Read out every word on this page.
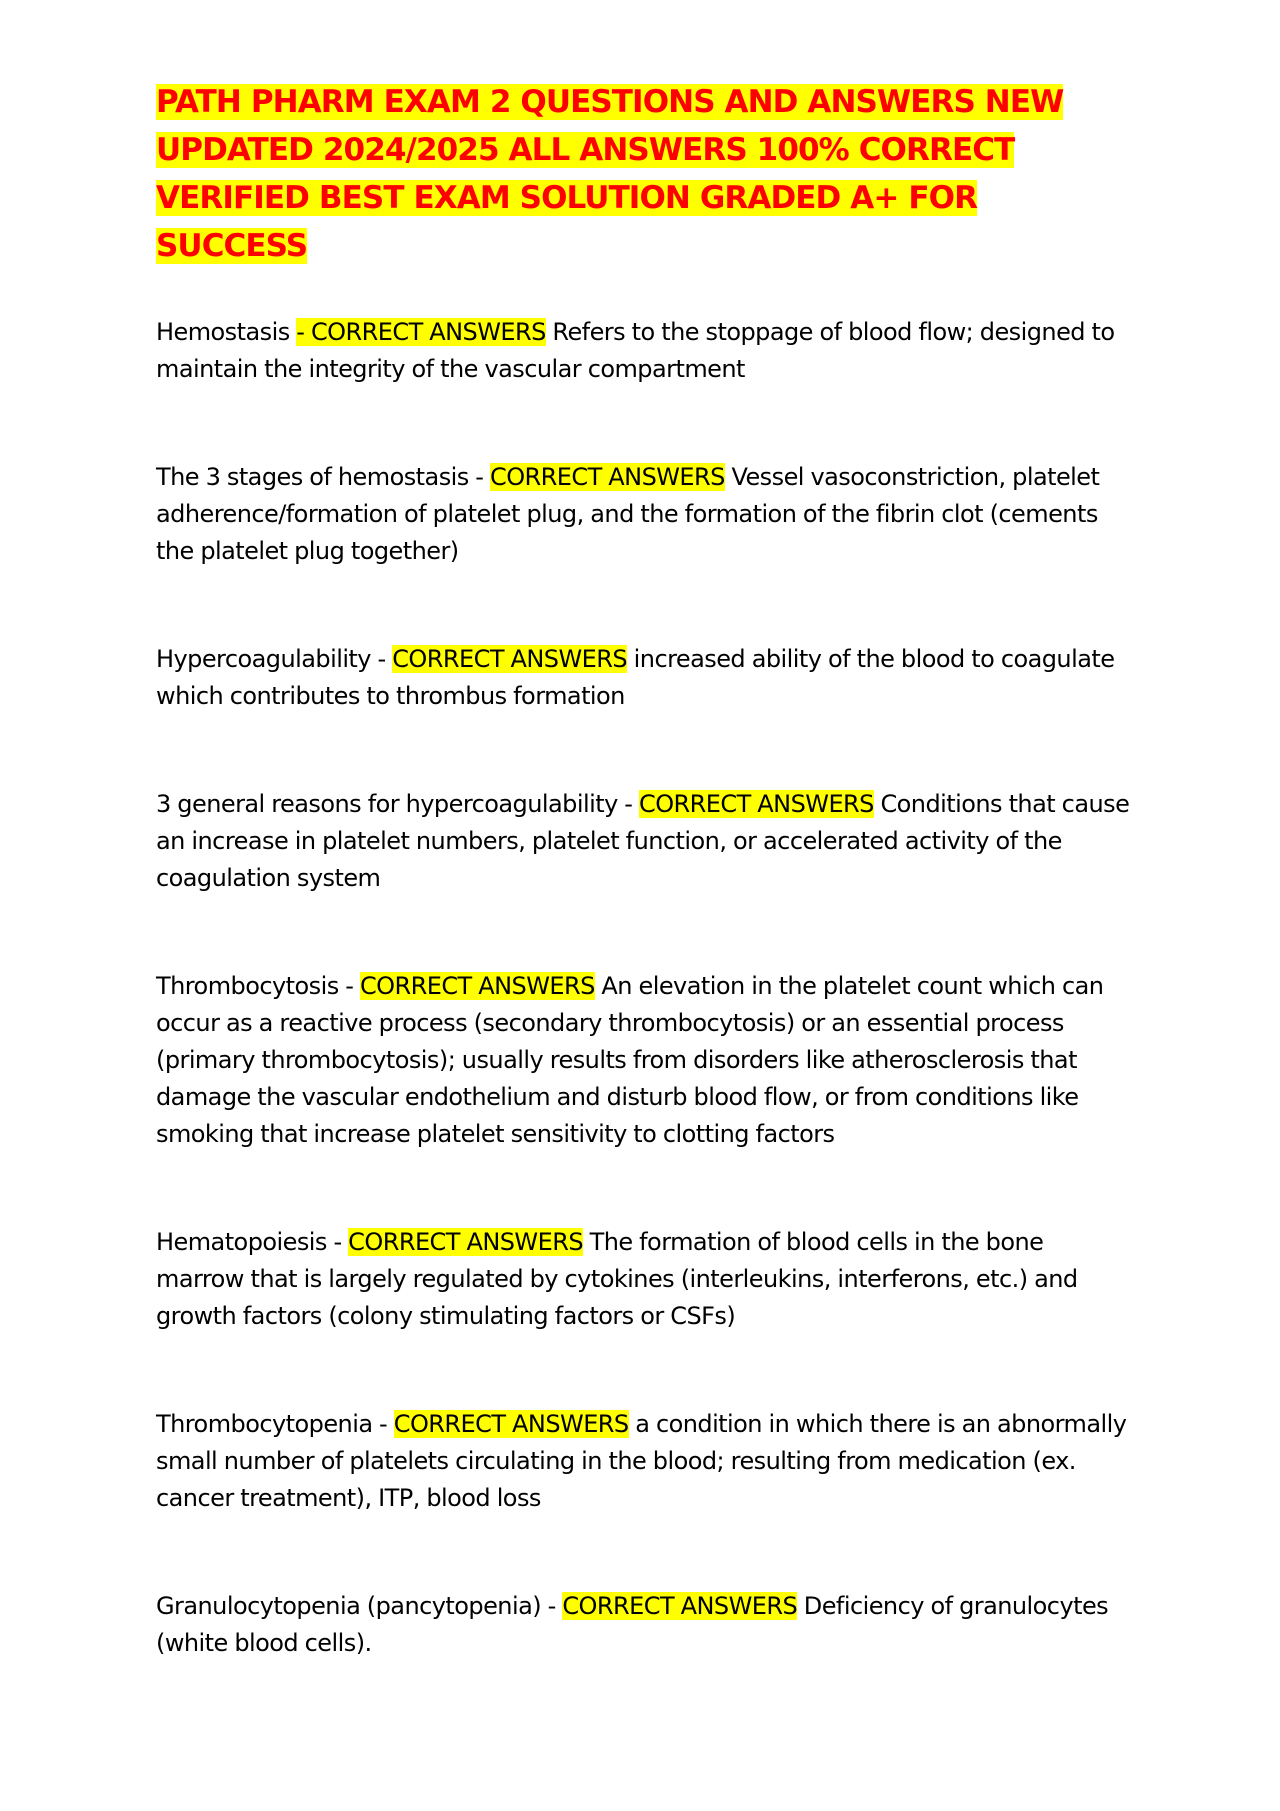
PATH PHARM EXAM 2 QUESTIONS AND ANSWERS NEW UPDATED 2024/2025 ALL ANSWERS 100% CORRECT VERIFIED BEST EXAM SOLUTION GRADED A+ FOR SUCCESS

Hemostasis - CORRECT ANSWERS Refers to the stoppage of blood flow; designed to maintain the integrity of the vascular compartment

The 3 stages of hemostasis - CORRECT ANSWERS Vessel vasoconstriction, platelet adherence/formation of platelet plug, and the formation of the fibrin clot (cements the platelet plug together)

Hypercoagulability - CORRECT ANSWERS increased ability of the blood to coagulate which contributes to thrombus formation

3 general reasons for hypercoagulability - CORRECT ANSWERS Conditions that cause an increase in platelet numbers, platelet function, or accelerated activity of the coagulation system

Thrombocytosis - CORRECT ANSWERS An elevation in the platelet count which can occur as a reactive process (secondary thrombocytosis) or an essential process (primary thrombocytosis); usually results from disorders like atherosclerosis that damage the vascular endothelium and disturb blood flow, or from conditions like smoking that increase platelet sensitivity to clotting factors

Hematopoiesis - CORRECT ANSWERS The formation of blood cells in the bone marrow that is largely regulated by cytokines (interleukins, interferons, etc.) and growth factors (colony stimulating factors or CSFs)

Thrombocytopenia - CORRECT ANSWERS a condition in which there is an abnormally small number of platelets circulating in the blood; resulting from medication (ex. cancer treatment), ITP, blood loss

Granulocytopenia (pancytopenia) - CORRECT ANSWERS Deficiency of granulocytes (white blood cells).
